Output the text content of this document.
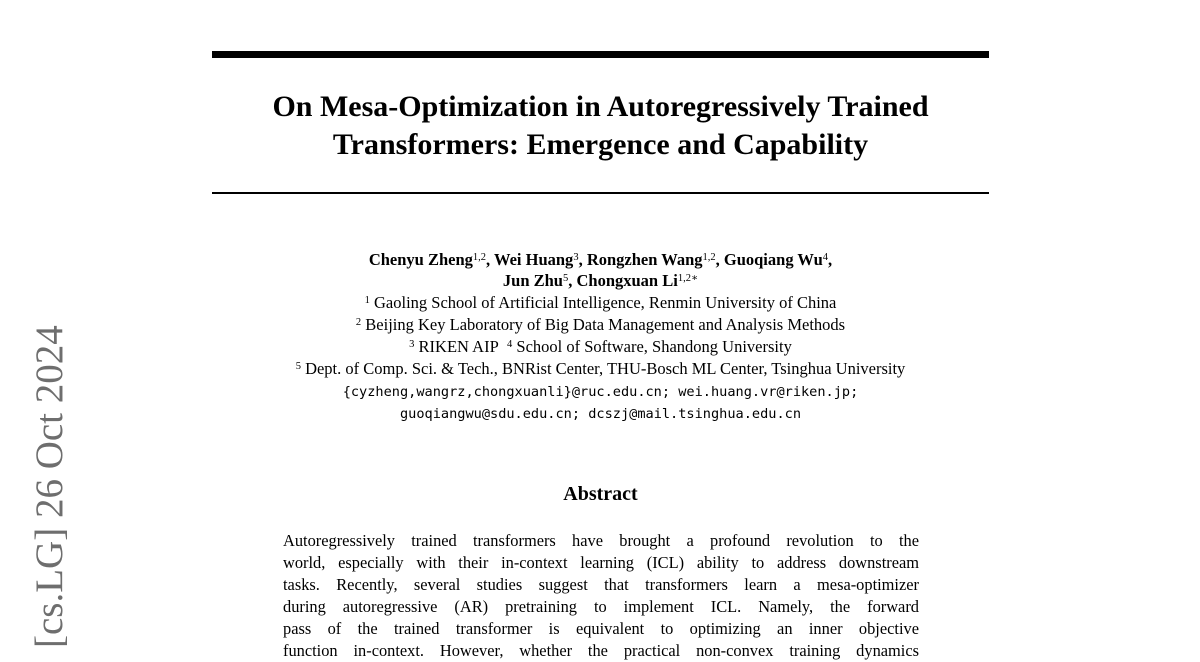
On Mesa-Optimization in Autoregressively Trained
Transformers: Emergence and Capability
Chenyu Zheng$^{1,2}$, Wei Huang$^3$, Rongzhen Wang$^{1,2}$, Guoqiang Wu$^4$,
Jun Zhu$^5$, Chongxuan $Li^{1,2∗}$
$^1$ Gaoling School of Artificial Intelligence, Renmin University of China
$^2$ Beijing Key Laboratory of Big Data Management and Analysis Methods
$^3$ RIKEN AIP $^4$ School of Software, Shandong University
$^5$ Dept. of Comp. Sci. & Tech., BNRist Center, THU-Bosch ML Center, Tsinghua University
{cyzheng,wangrz,chongxuanli}@ruc.edu.cn; wei.huang.vr@riken.jp;
guoqiangwu@sdu.edu.cn; dcszj@mail.tsinghua.edu.cn
Abstract
Autoregressively trained transformers have brought a profound revolution to the
world, especially with their in-context learning (ICL) ability to address downstream
tasks. Recently, several studies suggest that transformers learn a mesa-optimizer
during autoregressive (AR) pretraining to implement ICL. Namely, the forward
pass of the trained transformer is equivalent to optimizing an inner objective
function in-context. However, whether the practical non-convex training dynamics
[cs.LG] 26 Oct 2024
